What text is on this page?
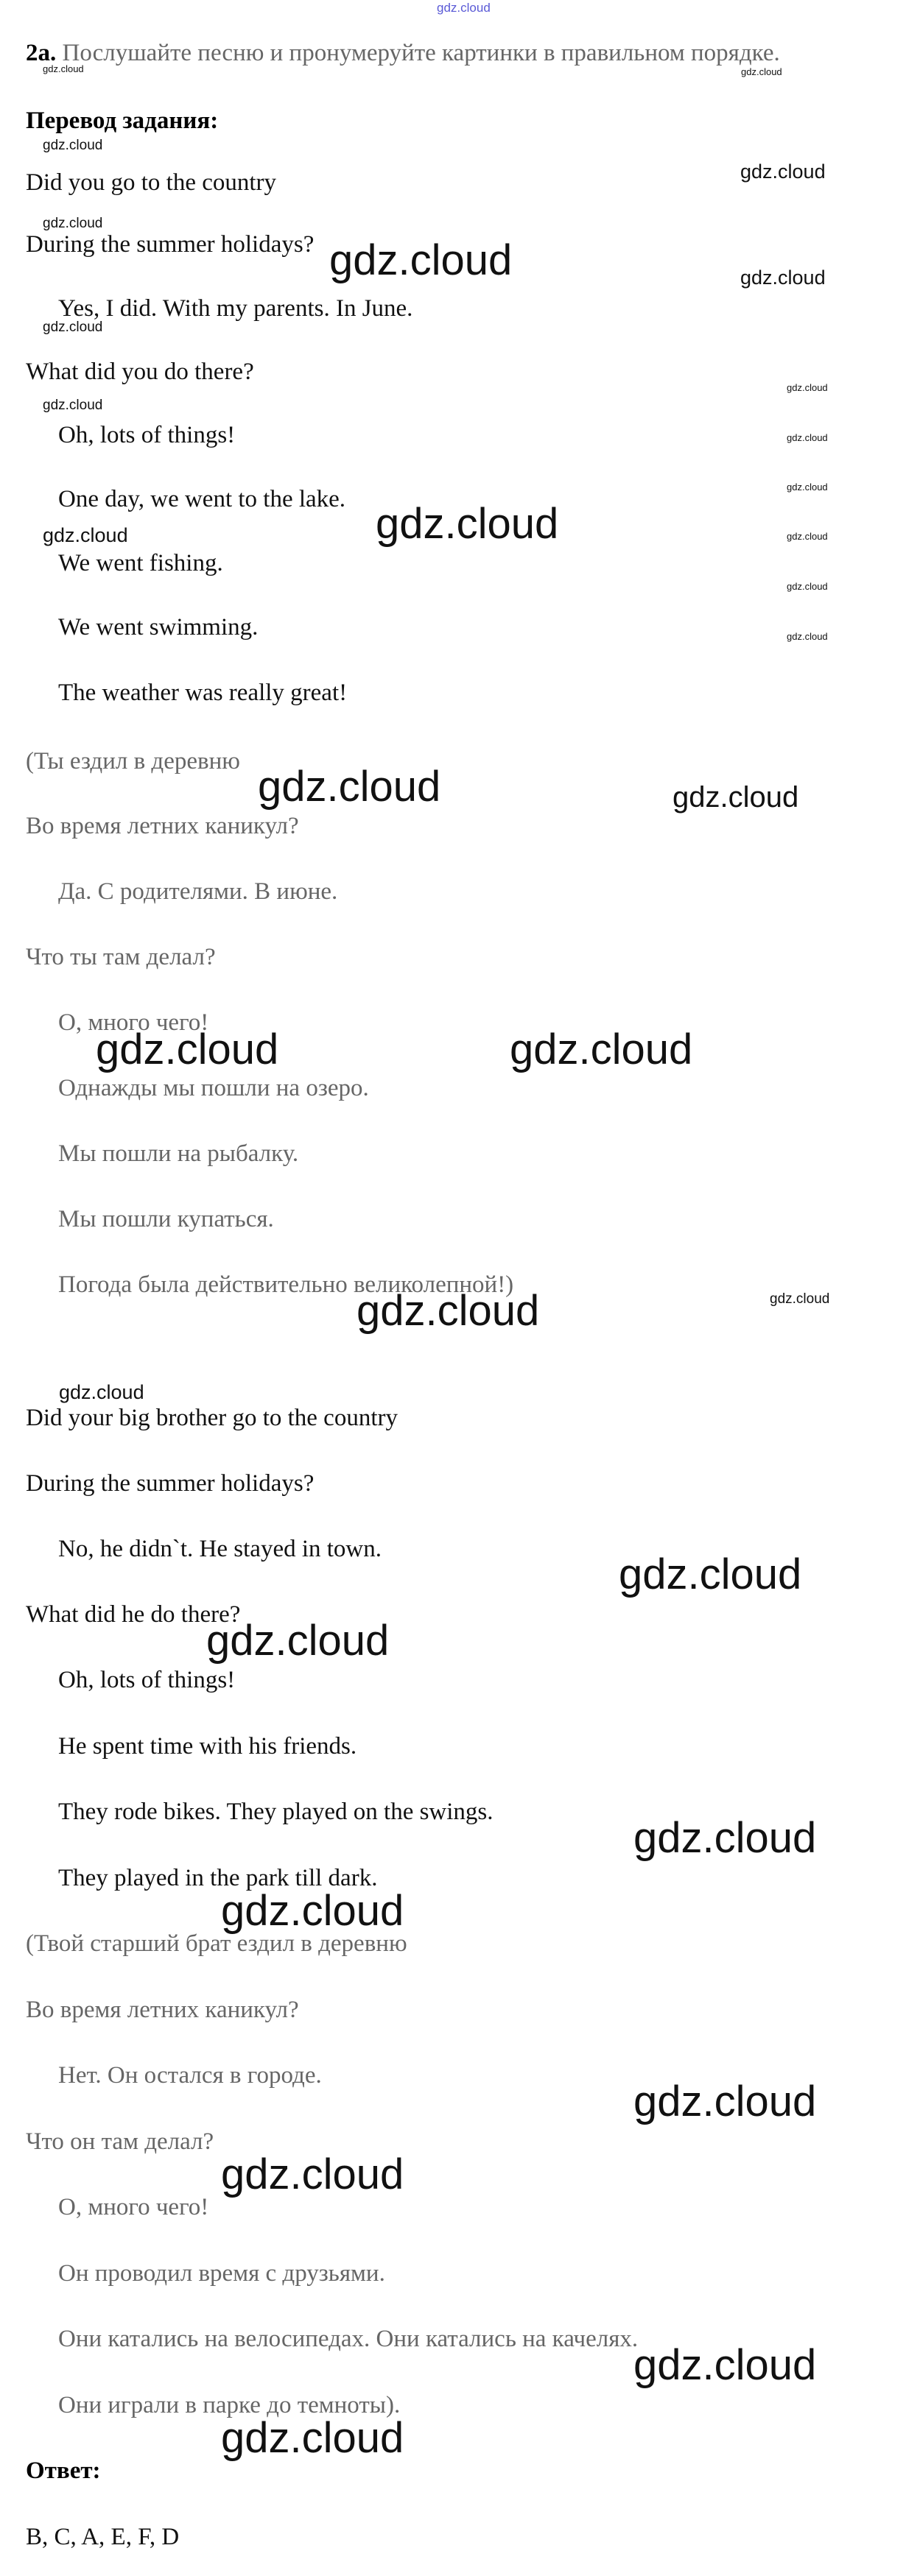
gdz.cloud
2a. Послушайте песню и пронумеруйте картинки в правильном порядке.
Перевод задания:
Did you go to the country
During the summer holidays?
Yes, I did. With my parents. In June.
What did you do there?
Oh, lots of things!
One day, we went to the lake.
We went fishing.
We went swimming.
The weather was really great!
(Ты ездил в деревню
Во время летних каникул?
Да. С родителями. В июне.
Что ты там делал?
О, много чего!
Однажды мы пошли на озеро.
Мы пошли на рыбалку.
Мы пошли купаться.
Погода была действительно великолепной!)
Did your big brother go to the country
During the summer holidays?
No, he didn`t. He stayed in town.
What did he do there?
Oh, lots of things!
He spent time with his friends.
They rode bikes. They played on the swings.
They played in the park till dark.
(Твой старший брат ездил в деревню
Во время летних каникул?
Нет. Он остался в городе.
Что он там делал?
О, много чего!
Он проводил время с друзьями.
Они катались на велосипедах. Они катались на качелях.
Они играли в парке до темноты).
Ответ:
B, C, A, E, F, D
gdz.cloud	gdz.cloud
gdz.cloud
gdz.cloud
gdz.cloud
gdz.cloud	gdz.cloud
gdz.cloud
gdz.cloud
gdz.cloud
gdz.cloud
gdz.cloud
gdz.cloud
gdz.cloud	gdz.cloud
gdz.cloud
gdz.cloud
gdz.cloud	gdz.cloud
gdz.cloud	gdz.cloud
gdz.cloud	gdz.cloud
gdz.cloud
gdz.cloud
gdz.cloud
gdz.cloud
gdz.cloud
gdz.cloud
gdz.cloud
gdz.cloud
gdz.cloud
